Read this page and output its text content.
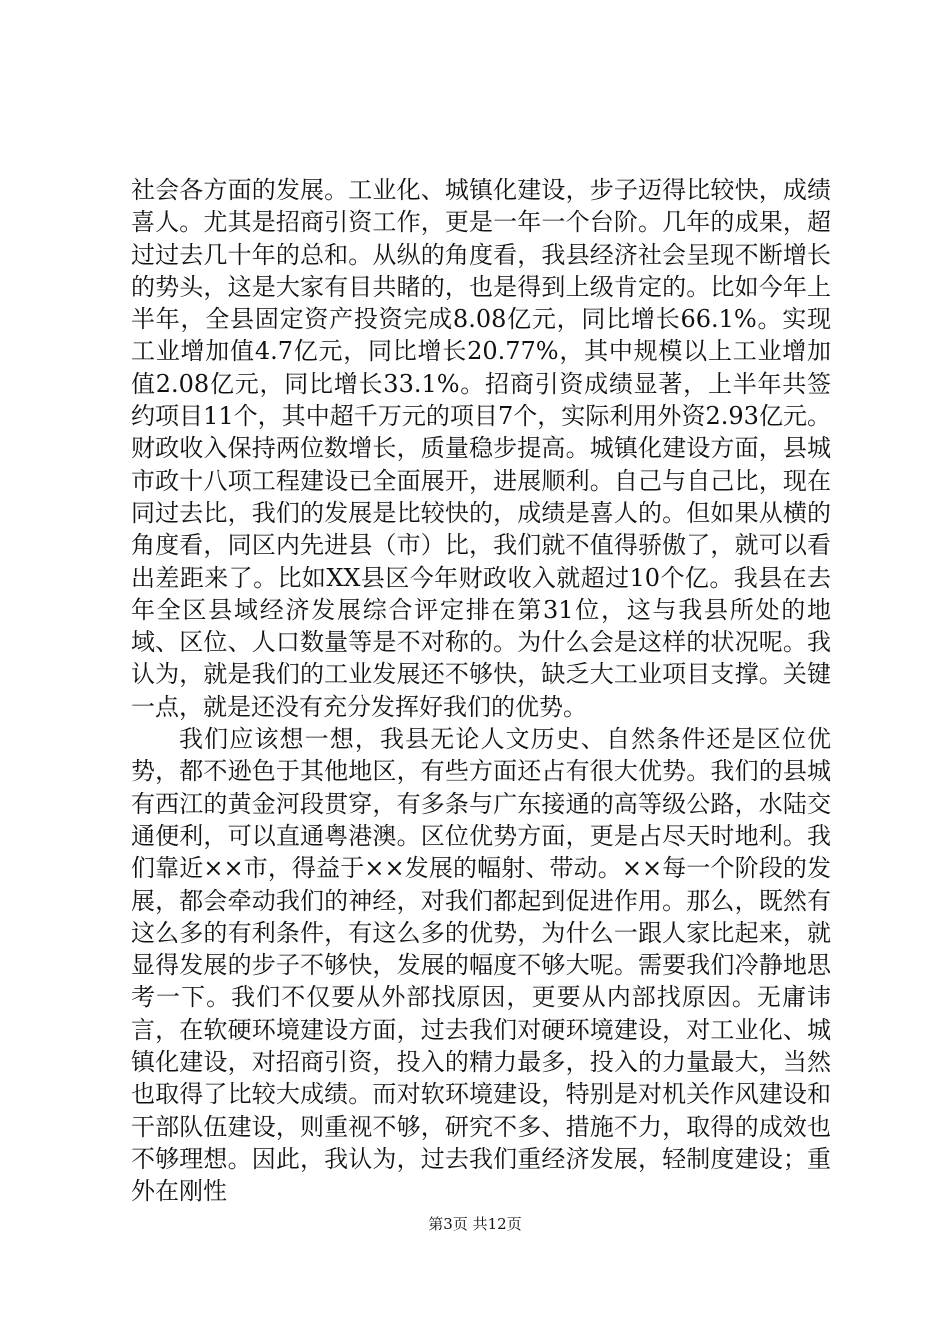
社会各方面的发展。工业化、城镇化建设，步子迈得比较快，成绩喜人。尤其是招商引资工作，更是一年一个台阶。几年的成果，超过过去几十年的总和。从纵的角度看，我县经济社会呈现不断增长的势头，这是大家有目共睹的，也是得到上级肯定的。比如今年上半年，全县固定资产投资完成8.08亿元，同比增长66.1%。实现工业增加值4.7亿元，同比增长20.77%，其中规模以上工业增加值2.08亿元，同比增长33.1%。招商引资成绩显著，上半年共签约项目11个，其中超千万元的项目7个，实际利用外资2.93亿元。财政收入保持两位数增长，质量稳步提高。城镇化建设方面，县城市政十八项工程建设已全面展开，进展顺利。自己与自己比，现在同过去比，我们的发展是比较快的，成绩是喜人的。但如果从横的角度看，同区内先进县（市）比，我们就不值得骄傲了，就可以看出差距来了。比如XX县区今年财政收入就超过10个亿。我县在去年全区县域经济发展综合评定排在第31位，这与我县所处的地域、区位、人口数量等是不对称的。为什么会是这样的状况呢。我认为，就是我们的工业发展还不够快，缺乏大工业项目支撑。关键一点，就是还没有充分发挥好我们的优势。

我们应该想一想，我县无论人文历史、自然条件还是区位优势，都不逊色于其他地区，有些方面还占有很大优势。我们的县城有西江的黄金河段贯穿，有多条与广东接通的高等级公路，水陆交通便利，可以直通粤港澳。区位优势方面，更是占尽天时地利。我们靠近××市，得益于××发展的幅射、带动。××每一个阶段的发展，都会牵动我们的神经，对我们都起到促进作用。那么，既然有这么多的有利条件，有这么多的优势，为什么一跟人家比起来，就显得发展的步子不够快，发展的幅度不够大呢。需要我们冷静地思考一下。我们不仅要从外部找原因，更要从内部找原因。无庸讳言，在软硬环境建设方面，过去我们对硬环境建设，对工业化、城镇化建设，对招商引资，投入的精力最多，投入的力量最大，当然也取得了比较大成绩。而对软环境建设，特别是对机关作风建设和干部队伍建设，则重视不够，研究不多、措施不力，取得的成效也不够理想。因此，我认为，过去我们重经济发展，轻制度建设；重外在刚性

第3页 共12页
